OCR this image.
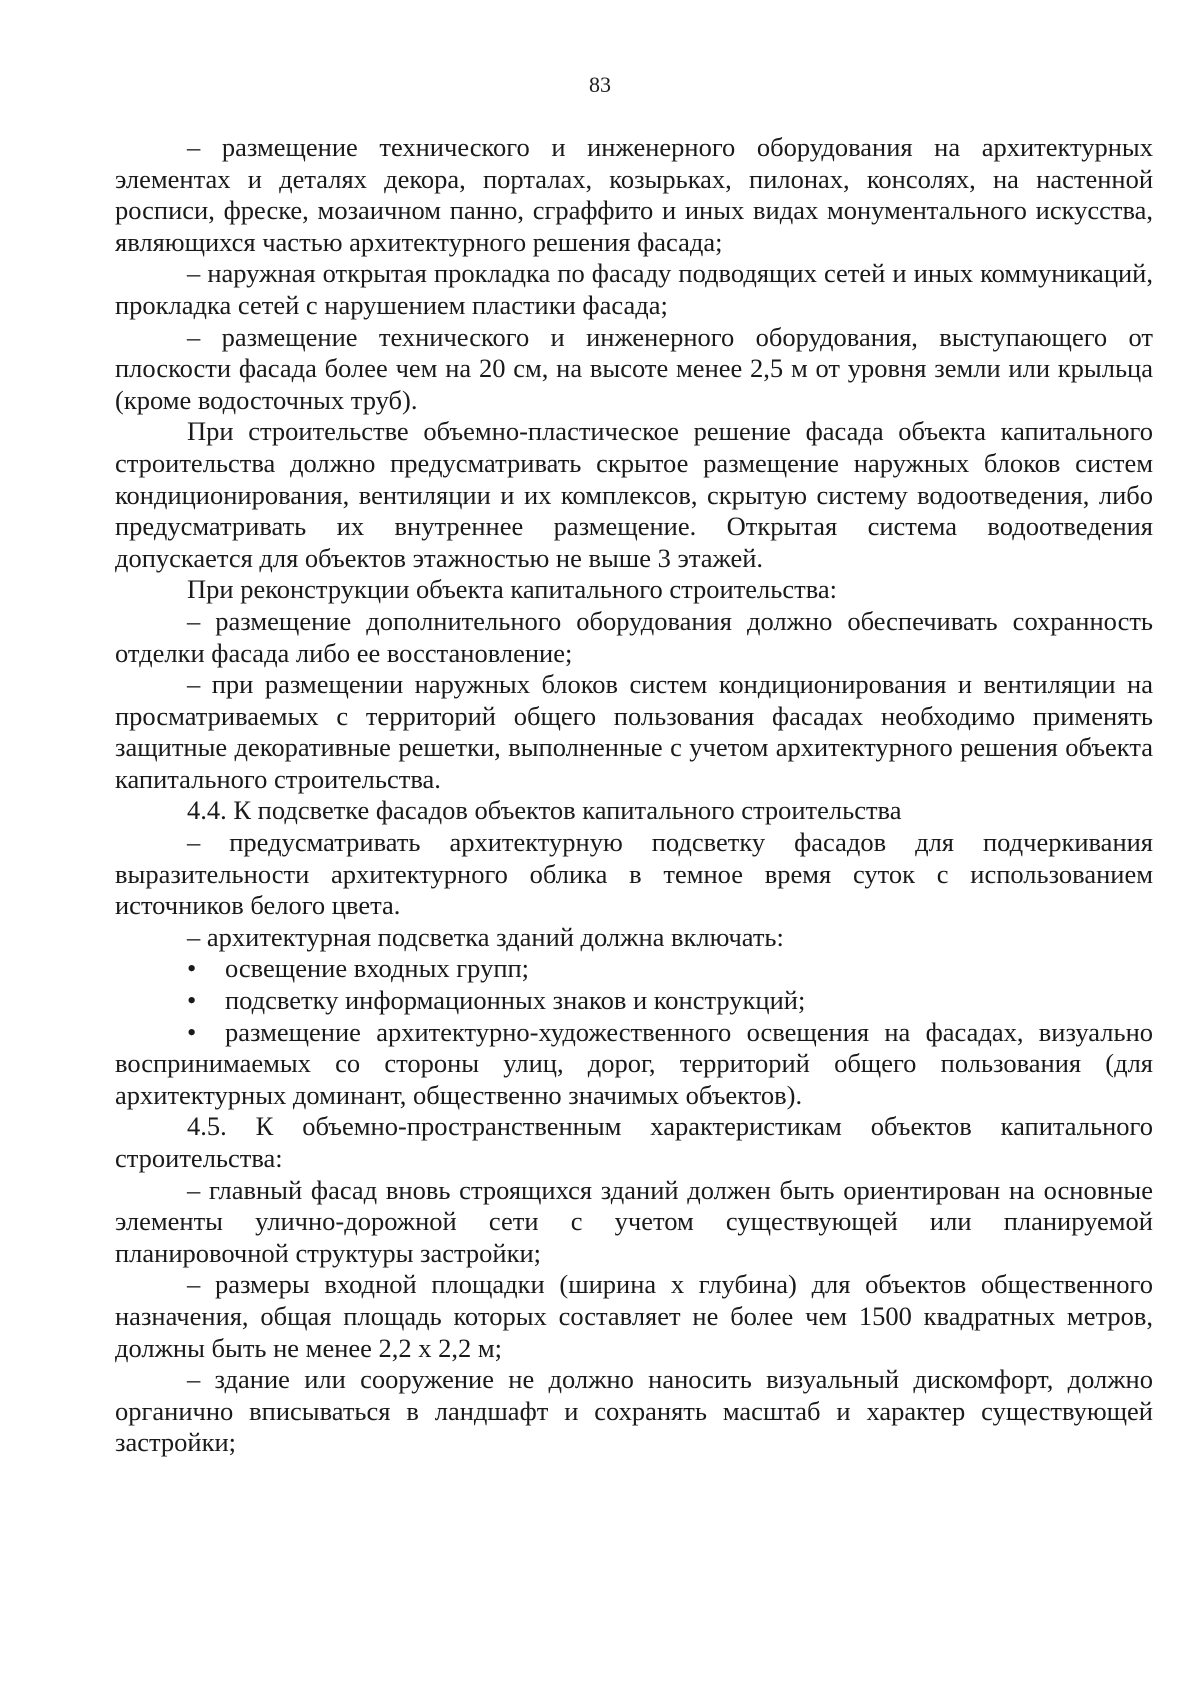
83

– размещение технического и инженерного оборудования на архитектурных элементах и деталях декора, порталах, козырьках, пилонах, консолях, на настенной росписи, фреске, мозаичном панно, сграффито и иных видах монументального искусства, являющихся частью архитектурного решения фасада;

– наружная открытая прокладка по фасаду подводящих сетей и иных коммуникаций, прокладка сетей с нарушением пластики фасада;

– размещение технического и инженерного оборудования, выступающего от плоскости фасада более чем на 20 см, на высоте менее 2,5 м от уровня земли или крыльца (кроме водосточных труб).

При строительстве объемно-пластическое решение фасада объекта капитального строительства должно предусматривать скрытое размещение наружных блоков систем кондиционирования, вентиляции и их комплексов, скрытую систему водоотведения, либо предусматривать их внутреннее размещение. Открытая система водоотведения допускается для объектов этажностью не выше 3 этажей.

При реконструкции объекта капитального строительства:

– размещение дополнительного оборудования должно обеспечивать сохранность отделки фасада либо ее восстановление;

– при размещении наружных блоков систем кондиционирования и вентиляции на просматриваемых с территорий общего пользования фасадах необходимо применять защитные декоративные решетки, выполненные с учетом архитектурного решения объекта капитального строительства.

4.4. К подсветке фасадов объектов капитального строительства

– предусматривать архитектурную подсветку фасадов для подчеркивания выразительности архитектурного облика в темное время суток с использованием источников белого цвета.

– архитектурная подсветка зданий должна включать:

• освещение входных групп;

• подсветку информационных знаков и конструкций;

• размещение архитектурно-художественного освещения на фасадах, визуально воспринимаемых со стороны улиц, дорог, территорий общего пользования (для архитектурных доминант, общественно значимых объектов).

4.5. К объемно-пространственным характеристикам объектов капитального строительства:

– главный фасад вновь строящихся зданий должен быть ориентирован на основные элементы улично-дорожной сети с учетом существующей или планируемой планировочной структуры застройки;

– размеры входной площадки (ширина х глубина) для объектов общественного назначения, общая площадь которых составляет не более чем 1500 квадратных метров, должны быть не менее 2,2 х 2,2 м;

– здание или сооружение не должно наносить визуальный дискомфорт, должно органично вписываться в ландшафт и сохранять масштаб и характер существующей застройки;
